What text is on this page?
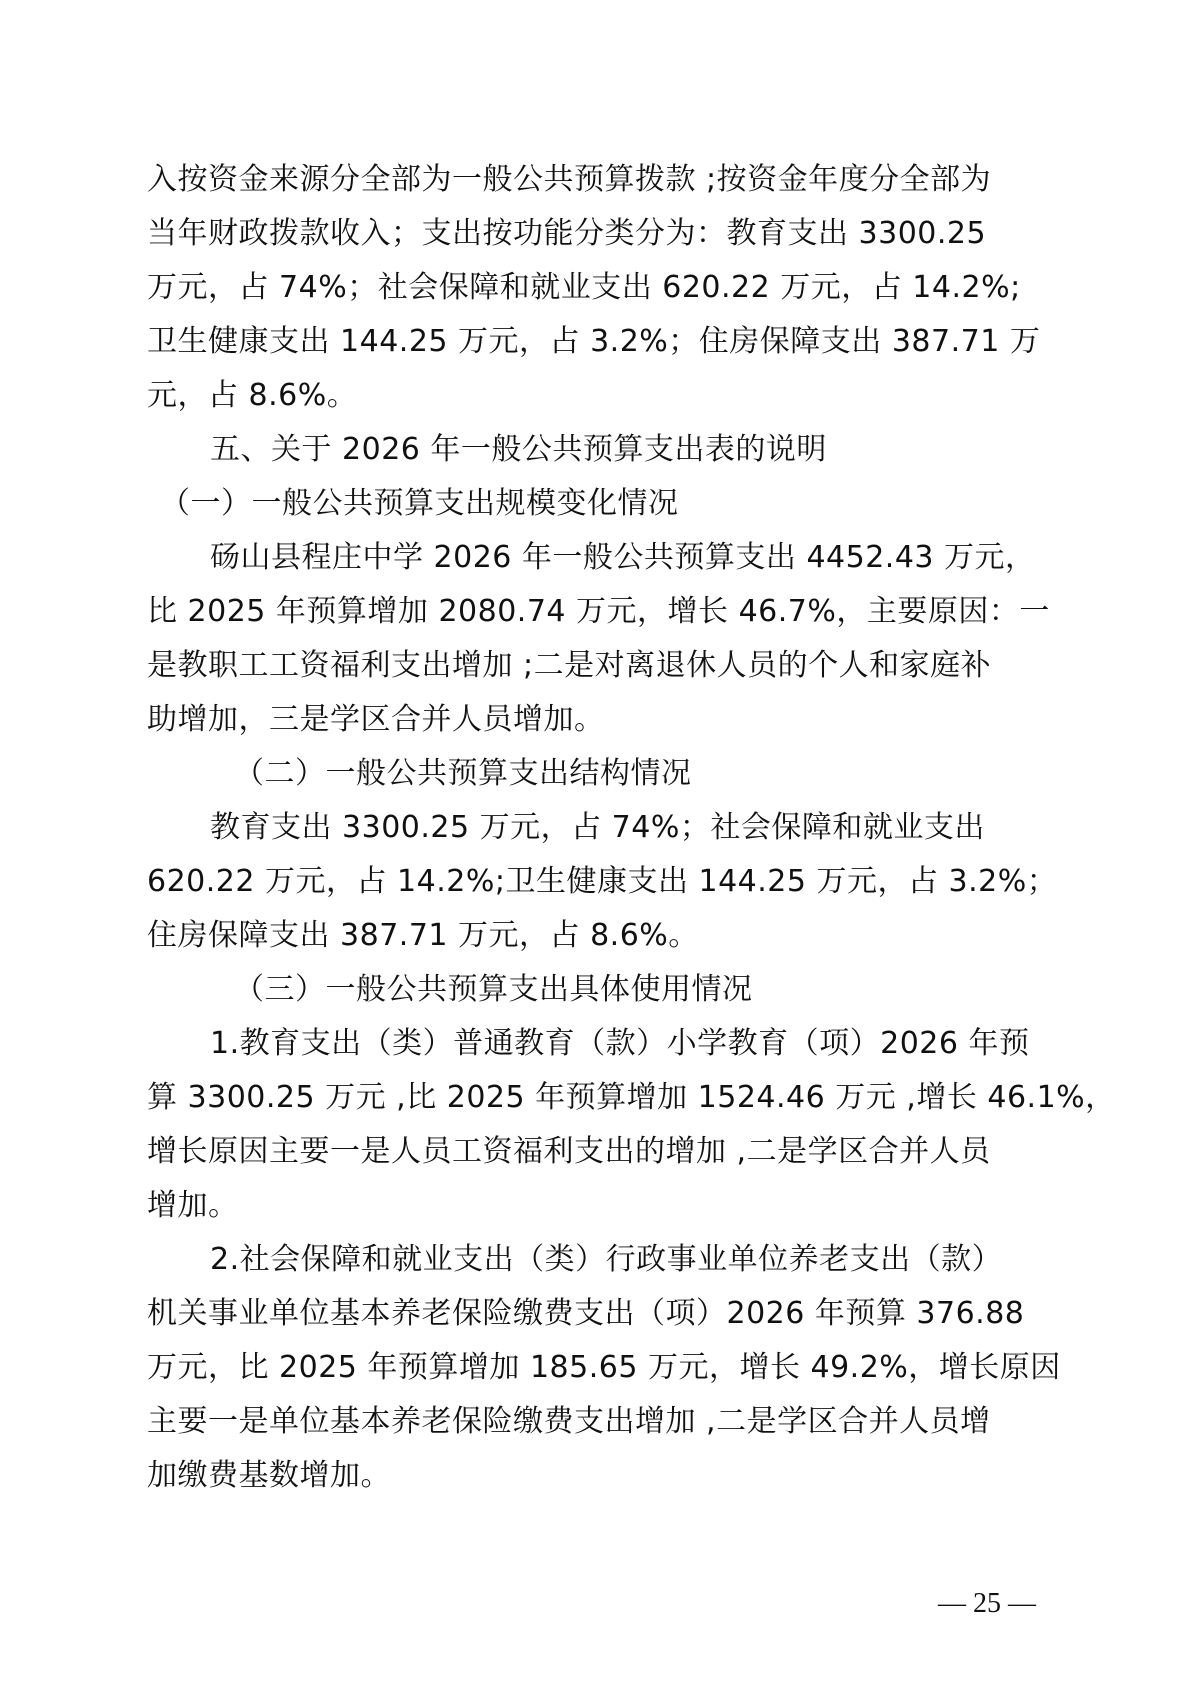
入按资金来源分全部为一般公共预算拨款 ;按资金年度分全部为
当年财政拨款收入；支出按功能分类分为：教育支出 3300.25
万元，占 74%；社会保障和就业支出 620.22 万元，占 14.2%;
卫生健康支出 144.25 万元，占 3.2%；住房保障支出 387.71 万
元，占 8.6%。
五、关于 2026 年一般公共预算支出表的说明
（一）一般公共预算支出规模变化情况
砀山县程庄中学 2026 年一般公共预算支出 4452.43 万元，
比 2025 年预算增加 2080.74 万元，增长 46.7%，主要原因：一
是教职工工资福利支出增加 ;二是对离退休人员的个人和家庭补
助增加，三是学区合并人员增加。
（二）一般公共预算支出结构情况
教育支出 3300.25 万元，占 74%；社会保障和就业支出
620.22 万元，占 14.2%;卫生健康支出 144.25 万元，占 3.2%；
住房保障支出 387.71 万元，占 8.6%。
（三）一般公共预算支出具体使用情况
1.教育支出（类）普通教育（款）小学教育（项）2026 年预
算 3300.25 万元 ,比 2025 年预算增加 1524.46 万元 ,增长 46.1%，
增长原因主要一是人员工资福利支出的增加 ,二是学区合并人员
增加。
2.社会保障和就业支出（类）行政事业单位养老支出（款）
机关事业单位基本养老保险缴费支出（项）2026 年预算 376.88
万元，比 2025 年预算增加 185.65 万元，增长 49.2%，增长原因
主要一是单位基本养老保险缴费支出增加 ,二是学区合并人员增
加缴费基数增加。
— 25 —
